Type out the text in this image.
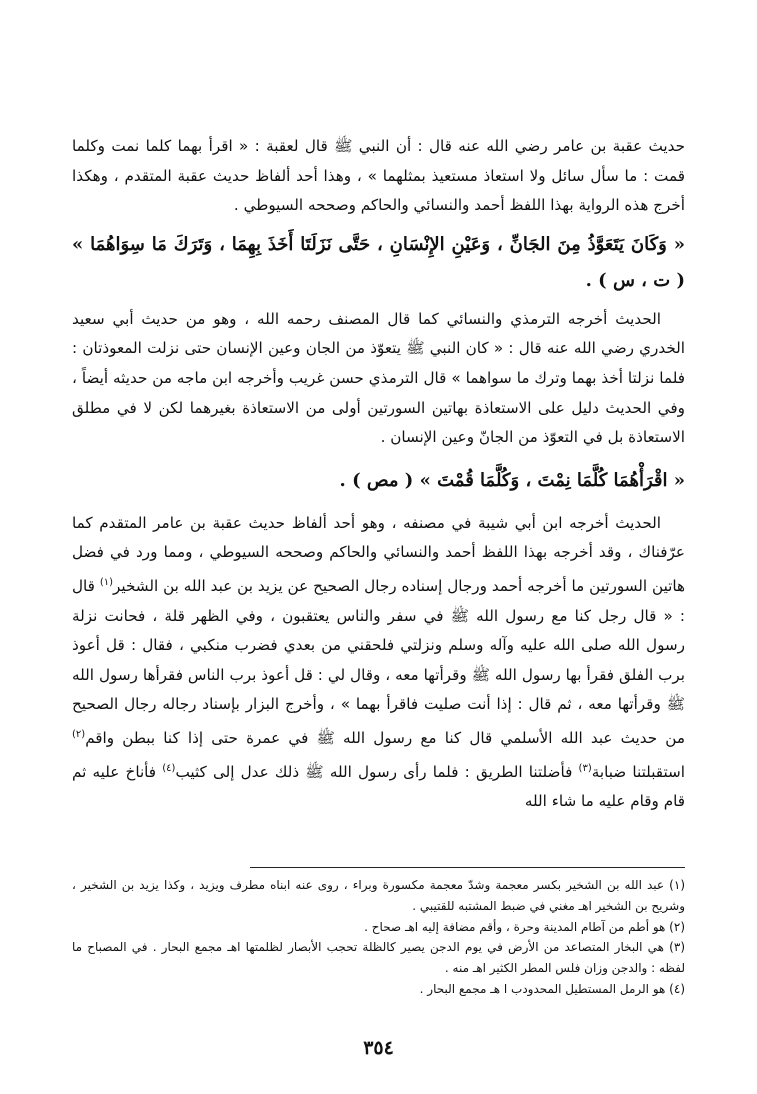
حديث عقبة بن عامر رضي الله عنه قال : أن النبي ﷺ قال لعقبة : « اقرأ بهما كلما نمت وكلما قمت : ما سأل سائل ولا استعاذ مستعيذ بمثلهما » ، وهذا أحد ألفاظ حديث عقبة المتقدم ، وهكذا أخرج هذه الرواية بهذا اللفظ أحمد والنسائي والحاكم وصححه السيوطي .

« وَكَانَ يَتَعَوَّذُ مِنَ الجَانِّ ، وَعَيْنِ الإِنْسَانِ ، حَتَّى نَزَلَتَا أَخَذَ بِهِمَا ، وَتَرَكَ مَا سِوَاهُمَا » ( ت ، س ) .

الحديث أخرجه الترمذي والنسائي كما قال المصنف رحمه الله ، وهو من حديث أبي سعيد الخدري رضي الله عنه قال : « كان النبي ﷺ يتعوّذ من الجان وعين الإنسان حتى نزلت المعوذتان : فلما نزلتا أخذ بهما وترك ما سواهما » قال الترمذي حسن غريب وأخرجه ابن ماجه من حديثه أيضاً ، وفي الحديث دليل على الاستعاذة بهاتين السورتين أولى من الاستعاذة بغيرهما لكن لا في مطلق الاستعاذة بل في التعوّذ من الجانّ وعين الإنسان .

« اقْرَأْهُمَا كُلَّمَا نِمْتَ ، وَكُلَّمَا قُمْتَ » ( مص ) .

الحديث أخرجه ابن أبي شيبة في مصنفه ، وهو أحد ألفاظ حديث عقبة بن عامر المتقدم كما عرّفناك ، وقد أخرجه بهذا اللفظ أحمد والنسائي والحاكم وصححه السيوطي ، ومما ورد في فضل هاتين السورتين ما أخرجه أحمد ورجال إسناده رجال الصحيح عن يزيد بن عبد الله بن الشخير$^{(١)}$ قال : « قال رجل كنا مع رسول الله ﷺ في سفر والناس يعتقبون ، وفي الظهر قلة ، فحانت نزلة رسول الله صلى الله عليه وآله وسلم ونزلتي فلحقني من بعدي فضرب منكبي ، فقال : قل أعوذ برب الفلق فقرأ بها رسول الله ﷺ وقرأتها معه ، وقال لي : قل أعوذ برب الناس فقرأها رسول الله ﷺ وقرأتها معه ، ثم قال : إذا أنت صليت فاقرأ بهما » ، وأخرج البزار بإسناد رجاله رجال الصحيح من حديث عبد الله الأسلمي قال كنا مع رسول الله ﷺ في عمرة حتى إذا كنا ببطن واقم$^{(٢)}$ استقبلتنا ضبابة$^{(٣)}$ فأضلتنا الطريق : فلما رأى رسول الله ﷺ ذلك عدل إلى كثيب$^{(٤)}$ فأناخ عليه ثم قام وقام عليه ما شاء الله

(١) عبد الله بن الشخير بكسر معجمة وشدّ معجمة مكسورة وبراء ، روى عنه ابناه مطرف ويزيد ، وكذا يزيد بن الشخير ، وشريح بن الشخير اهـ مغني في ضبط المشتبه للقتيبي .

(٢) هو أطم من آطام المدينة وحرة ، وأقم مضافة إليه اهـ صحاح .

(٣) هي البخار المتصاعد من الأرض في يوم الدجن يصير كالظلة تحجب الأبصار لظلمتها اهـ مجمع البحار . في المصباح ما لفظه : والدجن وزان فلس المطر الكثير اهـ منه .

(٤) هو الرمل المستطيل المحدودب ا هـ مجمع البحار .

٣٥٤
